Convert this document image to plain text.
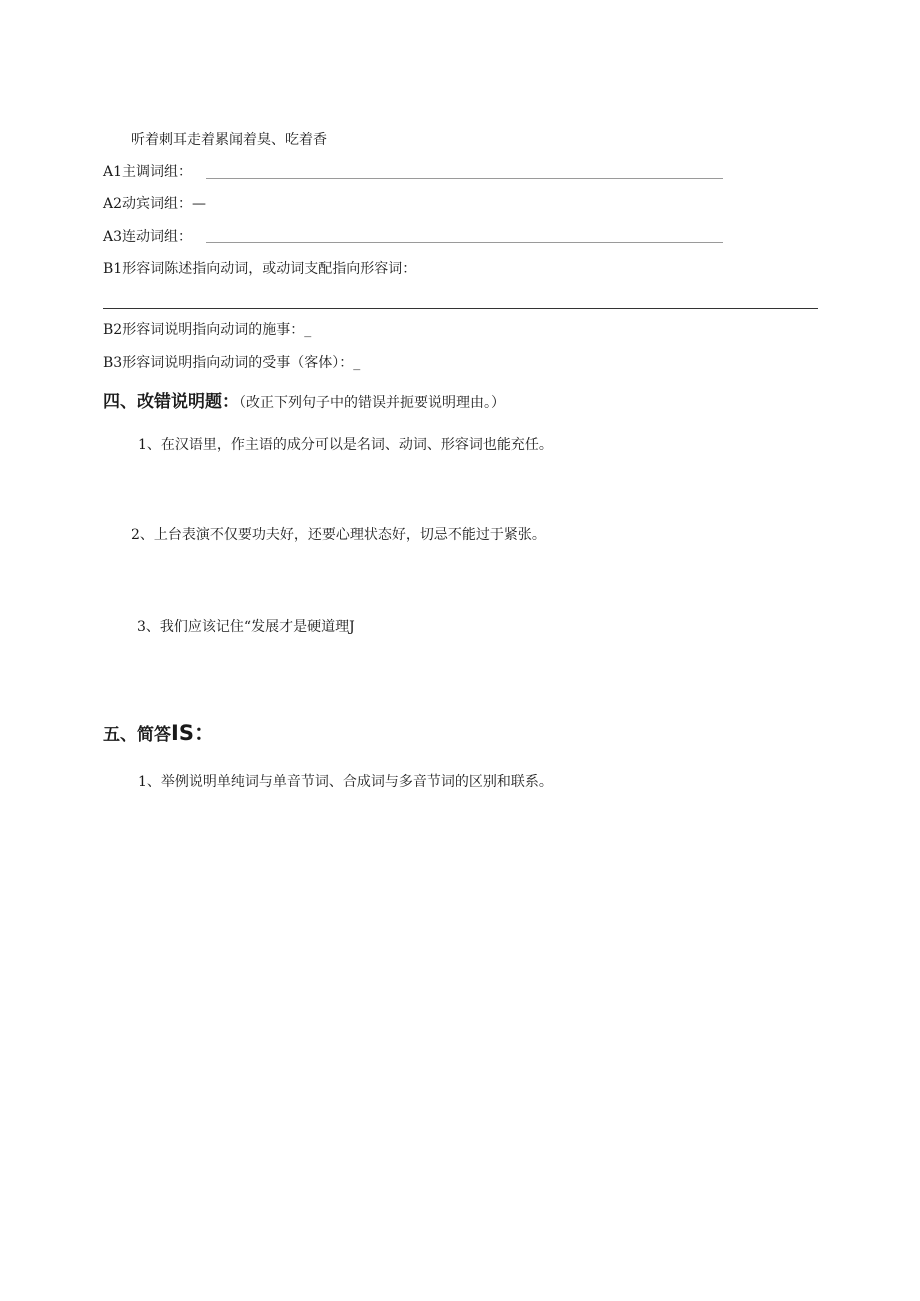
听着刺耳走着累闻着臭、吃着香
A1主调词组：
A2动宾词组：—
A3连动词组：
B1形容词陈述指向动词，或动词支配指向形容词：
B2形容词说明指向动词的施事：_
B3形容词说明指向动词的受事（客体）：_
四、改错说明题：（改正下列句子中的错误并扼要说明理由。）
1、在汉语里，作主语的成分可以是名词、动词、形容词也能充任。
2、上台表演不仅要功夫好，还要心理状态好，切忌不能过于紧张。
3、我们应该记住“发展才是硬道理J
五、简答IS：
1、举例说明单纯词与单音节词、合成词与多音节词的区别和联系。
